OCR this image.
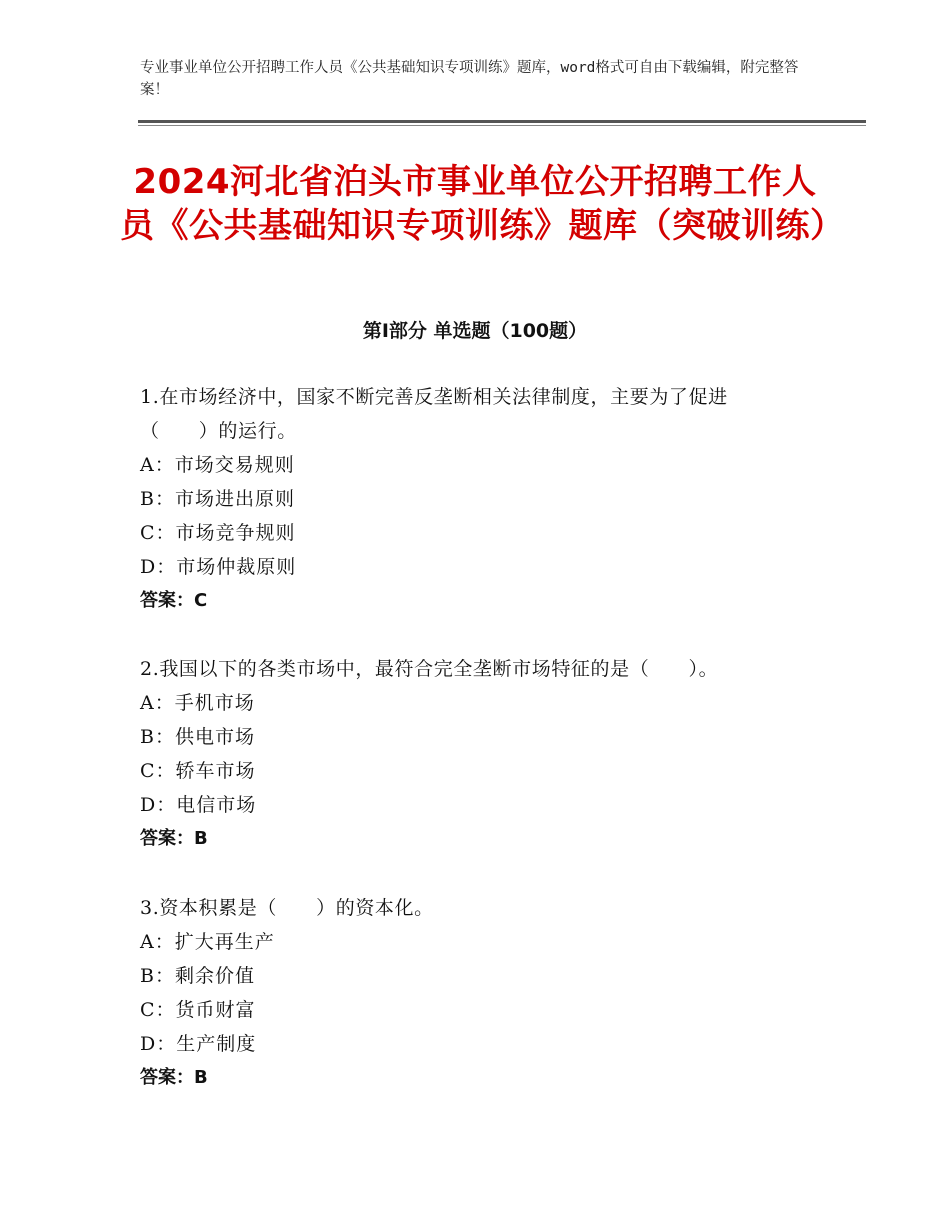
专业事业单位公开招聘工作人员《公共基础知识专项训练》题库，word格式可自由下载编辑，附完整答案！
2024河北省泊头市事业单位公开招聘工作人员《公共基础知识专项训练》题库（突破训练）
第Ⅰ部分 单选题（100题）
1.在市场经济中，国家不断完善反垄断相关法律制度，主要为了促进
（　　）的运行。
A：市场交易规则
B：市场进出原则
C：市场竞争规则
D：市场仲裁原则
答案：C
2.我国以下的各类市场中，最符合完全垄断市场特征的是（　　）。
A：手机市场
B：供电市场
C：轿车市场
D：电信市场
答案：B
3.资本积累是（　　）的资本化。
A：扩大再生产
B：剩余价值
C：货币财富
D：生产制度
答案：B
